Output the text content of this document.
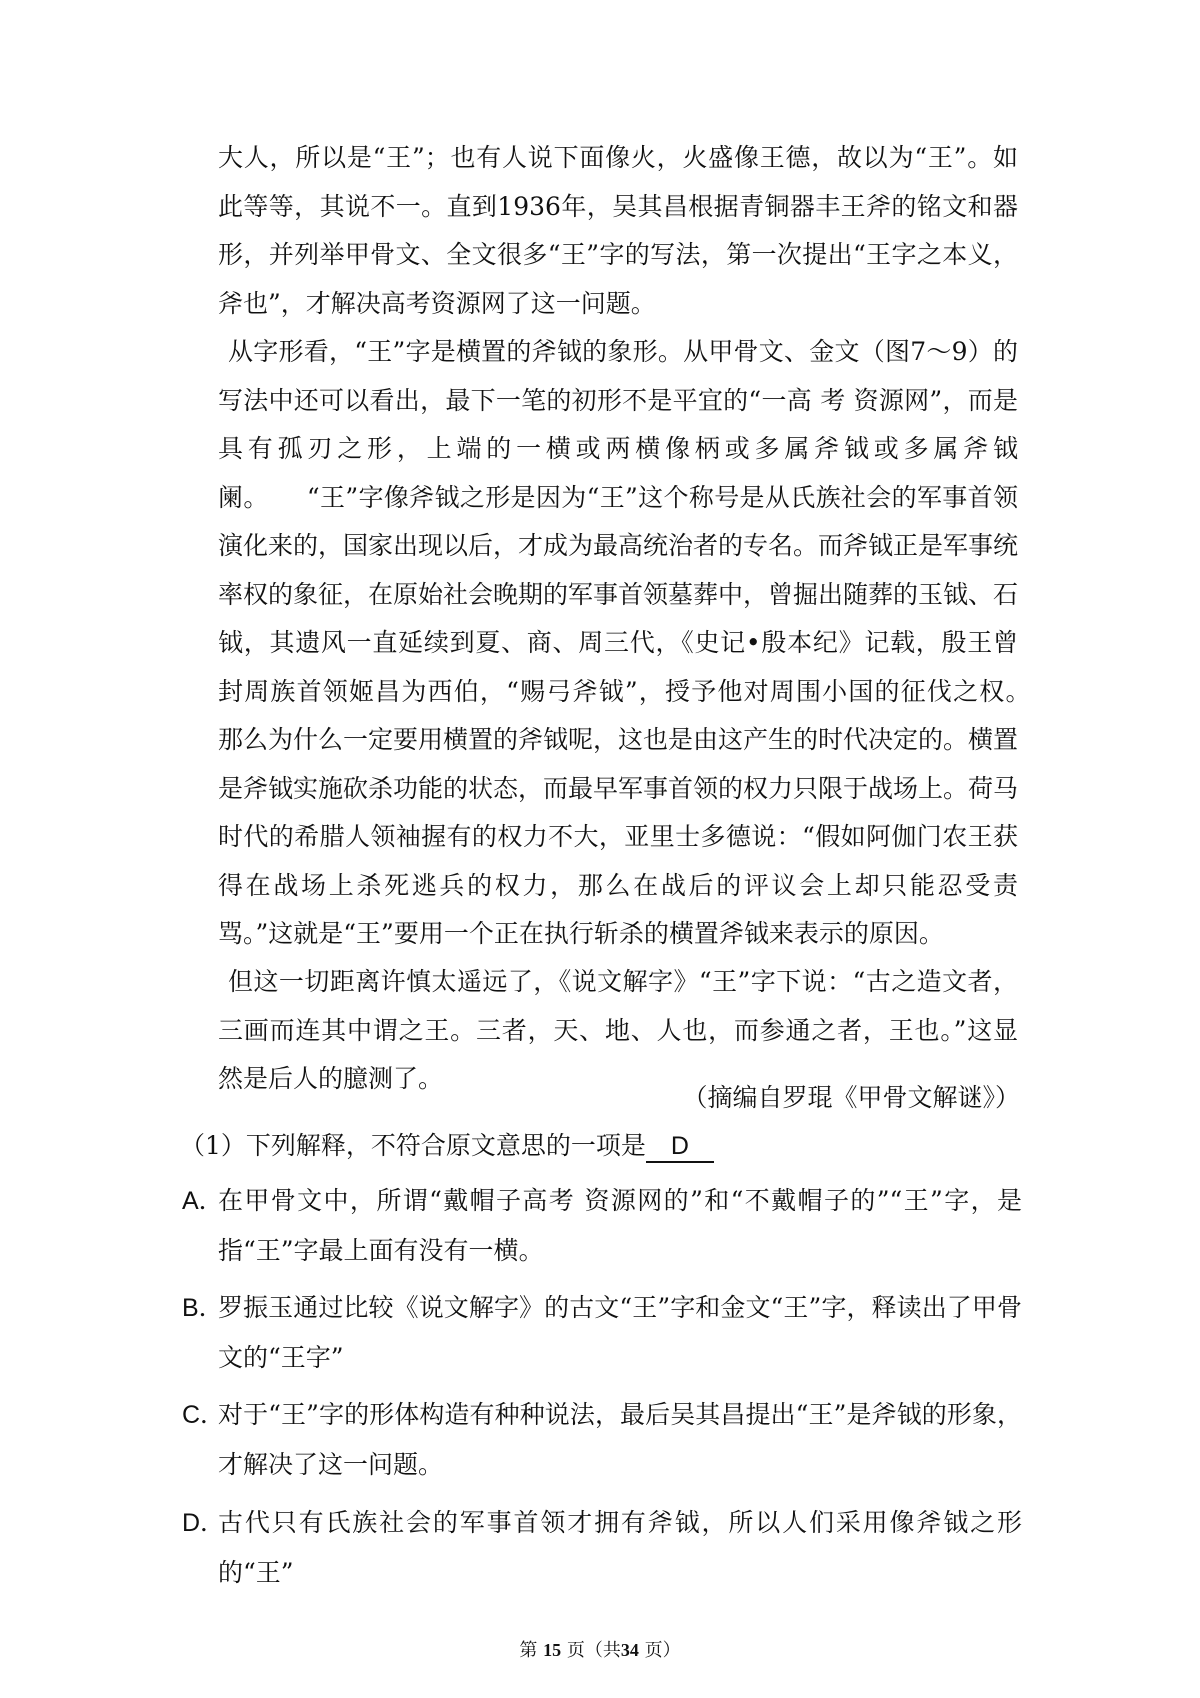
大人，所以是“王”；也有人说下面像火，火盛像王德，故以为“王”。如此等等，其说不一。直到1936年，吴其昌根据青铜器丰王斧的铭文和器形，并列举甲骨文、全文很多“王”字的写法，第一次提出“王字之本义，斧也”，才解决高考资源网了这一问题。

从字形看，“王”字是横置的斧钺的象形。从甲骨文、金文（图7～9）的写法中还可以看出，最下一笔的初形不是平宜的“一高 考 资源网”，而是具有孤刃之形，上端的一横或两横像柄或多属斧钺或多属斧钺阑。　　“王”字像斧钺之形是因为“王”这个称号是从氏族社会的军事首领演化来的，国家出现以后，才成为最高统治者的专名。而斧钺正是军事统率权的象征，在原始社会晚期的军事首领墓葬中，曾掘出随葬的玉钺、石钺，其遗风一直延续到夏、商、周三代，《史记•殷本纪》记载，殷王曾封周族首领姬昌为西伯，“赐弓斧钺”，授予他对周围小国的征伐之权。　　那么为什么一定要用横置的斧钺呢，这也是由这产生的时代决定的。横置是斧钺实施砍杀功能的状态，而最早军事首领的权力只限于战场上。荷马时代的希腊人领袖握有的权力不大，亚里士多德说：“假如阿伽门农王获得在战场上杀死逃兵的权力，那么在战后的评议会上却只能忍受责骂。”这就是“王”要用一个正在执行斩杀的横置斧钺来表示的原因。

但这一切距离许慎太遥远了，《说文解字》“王”字下说：“古之造文者，三画而连其中谓之王。三者，天、地、人也，而参通之者，王也。”这显然是后人的臆测了。

（摘编自罗琨《甲骨文解谜》）

（1）下列解释，不符合原文意思的一项是 D

A．
在甲骨文中，所谓“戴帽子高考 资源网的”和“不戴帽子的”“王”字，是指“王”字最上面有没有一横。
B．
罗振玉通过比较《说文解字》的古文“王”字和金文“王”字，释读出了甲骨文的“王字”
C．
对于“王”字的形体构造有种种说法，最后吴其昌提出“王”是斧钺的形象，才解决了这一问题。
D．
古代只有氏族社会的军事首领才拥有斧钺，所以人们采用像斧钺之形的“王”

第 15 页（共34 页）
